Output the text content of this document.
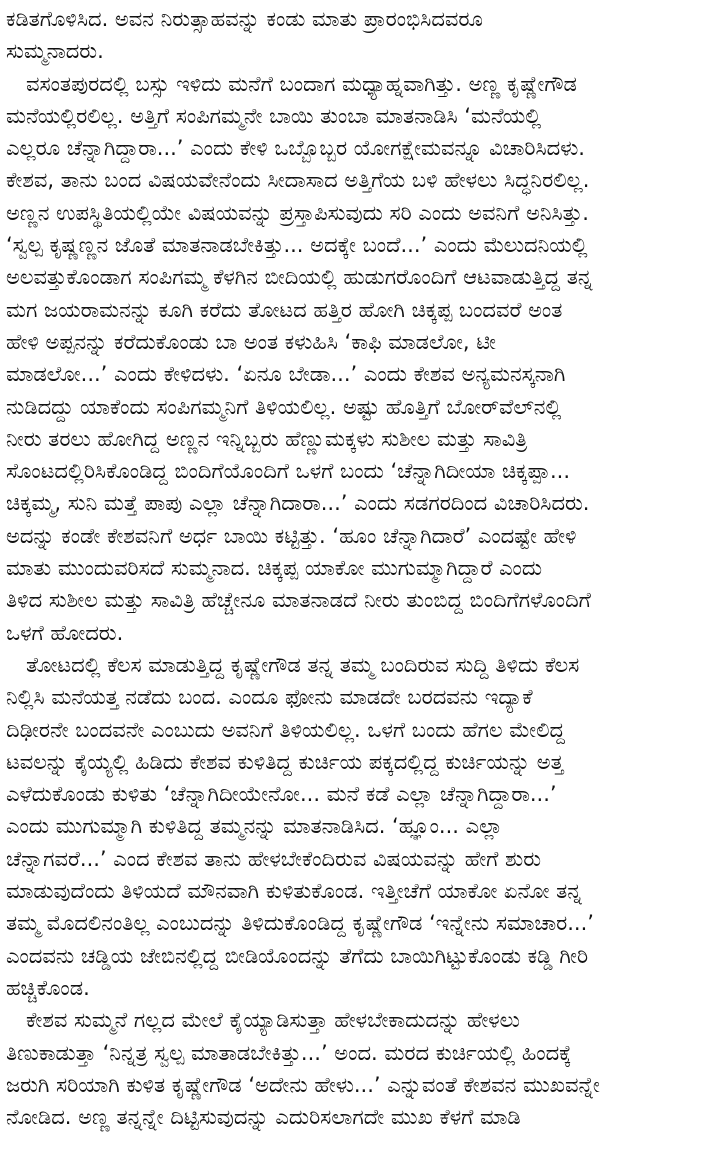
ಕಡಿತಗೊಳಿಸಿದ. ಅವನ ನಿರುತ್ಸಾಹವನ್ನು ಕಂಡು ಮಾತು ಪ್ರಾರಂಭಿಸಿದವರೂ
ಸುಮ್ಮನಾದರು.
ವಸಂತಪುರದಲ್ಲಿ ಬಸ್ಸು ಇಳಿದು ಮನೆಗೆ ಬಂದಾಗ ಮಧ್ಯಾಹ್ನವಾಗಿತ್ತು. ಅಣ್ಣ ಕೃಷ್ಣೇಗೌಡ
ಮನೆಯಲ್ಲಿರಲಿಲ್ಲ. ಅತ್ತಿಗೆ ಸಂಪಿಗಮ್ಮನೇ ಬಾಯಿ ತುಂಬಾ ಮಾತನಾಡಿಸಿ ‘ಮನೆಯಲ್ಲಿ
ಎಲ್ಲರೂ ಚೆನ್ನಾಗಿದ್ದಾರಾ...’ ಎಂದು ಕೇಳಿ ಒಬ್ಬೊಬ್ಬರ ಯೋಗಕ್ಷೇಮವನ್ನೂ ವಿಚಾರಿಸಿದಳು.
ಕೇಶವ, ತಾನು ಬಂದ ವಿಷಯವೇನೆಂದು ಸೀದಾಸಾದ ಅತ್ತಿಗೆಯ ಬಳಿ ಹೇಳಲು ಸಿದ್ಧನಿರಲಿಲ್ಲ.
ಅಣ್ಣನ ಉಪಸ್ಥಿತಿಯಲ್ಲಿಯೇ ವಿಷಯವನ್ನು ಪ್ರಸ್ತಾಪಿಸುವುದು ಸರಿ ಎಂದು ಅವನಿಗೆ ಅನಿಸಿತ್ತು.
‘ಸ್ವಲ್ಪ ಕೃಷ್ಣಣ್ಣನ ಜೊತೆ ಮಾತನಾಡಬೇಕಿತ್ತು... ಅದಕ್ಕೇ ಬಂದೆ...’ ಎಂದು ಮೆಲುದನಿಯಲ್ಲಿ
ಅಲವತ್ತುಕೊಂಡಾಗ ಸಂಪಿಗಮ್ಮ ಕೆಳಗಿನ ಬೀದಿಯಲ್ಲಿ ಹುಡುಗರೊಂದಿಗೆ ಆಟವಾಡುತ್ತಿದ್ದ ತನ್ನ
ಮಗ ಜಯರಾಮನನ್ನು ಕೂಗಿ ಕರೆದು ತೋಟದ ಹತ್ತಿರ ಹೋಗಿ ಚಿಕ್ಕಪ್ಪ ಬಂದವರೆ ಅಂತ
ಹೇಳಿ ಅಪ್ಪನನ್ನು ಕರೆದುಕೊಂಡು ಬಾ ಅಂತ ಕಳುಹಿಸಿ ‘ಕಾಫಿ ಮಾಡಲೋ, ಟೀ
ಮಾಡಲೋ...’ ಎಂದು ಕೇಳಿದಳು. ‘ಏನೂ ಬೇಡಾ...’ ಎಂದು ಕೇಶವ ಅನ್ಯಮನಸ್ಕನಾಗಿ
ನುಡಿದದ್ದು ಯಾಕೆಂದು ಸಂಪಿಗಮ್ಮನಿಗೆ ತಿಳಿಯಲಿಲ್ಲ. ಅಷ್ಟು ಹೊತ್ತಿಗೆ ಬೋರ್‌ವೆಲ್‌ನಲ್ಲಿ
ನೀರು ತರಲು ಹೋಗಿದ್ದ ಅಣ್ಣನ ಇನ್ನಿಬ್ಬರು ಹೆಣ್ಣುಮಕ್ಕಳು ಸುಶೀಲ ಮತ್ತು ಸಾವಿತ್ರಿ
ಸೊಂಟದಲ್ಲಿರಿಸಿಕೊಂಡಿದ್ದ ಬಿಂದಿಗೆಯೊಂದಿಗೆ ಒಳಗೆ ಬಂದು ‘ಚೆನ್ನಾಗಿದೀಯಾ ಚಿಕ್ಕಪ್ಪಾ...
ಚಿಕ್ಕಮ್ಮ, ಸುನಿ ಮತ್ತೆ ಪಾಪು ಎಲ್ಲಾ ಚೆನ್ನಾಗಿದಾರಾ...’ ಎಂದು ಸಡಗರದಿಂದ ವಿಚಾರಿಸಿದರು.
ಅದನ್ನು ಕಂಡೇ ಕೇಶವನಿಗೆ ಅರ್ಧ ಬಾಯಿ ಕಟ್ಟಿತ್ತು. ‘ಹೂಂ ಚೆನ್ನಾಗಿದಾರೆ’ ಎಂದಷ್ಟೇ ಹೇಳಿ
ಮಾತು ಮುಂದುವರಿಸದೆ ಸುಮ್ಮನಾದ. ಚಿಕ್ಕಪ್ಪ ಯಾಕೋ ಮುಗುಮ್ಮಾಗಿದ್ದಾರೆ ಎಂದು
ತಿಳಿದ ಸುಶೀಲ ಮತ್ತು ಸಾವಿತ್ರಿ ಹೆಚ್ಚೇನೂ ಮಾತನಾಡದೆ ನೀರು ತುಂಬಿದ್ದ ಬಿಂದಿಗೆಗಳೊಂದಿಗೆ
ಒಳಗೆ ಹೋದರು.
ತೋಟದಲ್ಲಿ ಕೆಲಸ ಮಾಡುತ್ತಿದ್ದ ಕೃಷ್ಣೇಗೌಡ ತನ್ನ ತಮ್ಮ ಬಂದಿರುವ ಸುದ್ದಿ ತಿಳಿದು ಕೆಲಸ
ನಿಲ್ಲಿಸಿ ಮನೆಯತ್ತ ನಡೆದು ಬಂದ. ಎಂದೂ ಫೋನು ಮಾಡದೇ ಬರದವನು ಇದ್ಯಾಕೆ
ದಿಢೀರನೇ ಬಂದವನೇ ಎಂಬುದು ಅವನಿಗೆ ತಿಳಿಯಲಿಲ್ಲ. ಒಳಗೆ ಬಂದು ಹೆಗಲ ಮೇಲಿದ್ದ
ಟವಲನ್ನು ಕೈಯ್ಯಲ್ಲಿ ಹಿಡಿದು ಕೇಶವ ಕುಳಿತಿದ್ದ ಕುರ್ಚಿಯ ಪಕ್ಕದಲ್ಲಿದ್ದ ಕುರ್ಚಿಯನ್ನು ಅತ್ತ
ಎಳೆದುಕೊಂಡು ಕುಳಿತು ‘ಚೆನ್ನಾಗಿದೀಯೇನೋ... ಮನೆ ಕಡೆ ಎಲ್ಲಾ ಚೆನ್ನಾಗಿದ್ದಾರಾ...’
ಎಂದು ಮುಗುಮ್ಮಾಗಿ ಕುಳಿತಿದ್ದ ತಮ್ಮನನ್ನು ಮಾತನಾಡಿಸಿದ. ‘ಹ್ಞೂಂ... ಎಲ್ಲಾ
ಚೆನ್ನಾಗವರೆ...’ ಎಂದ ಕೇಶವ ತಾನು ಹೇಳಬೇಕೆಂದಿರುವ ವಿಷಯವನ್ನು ಹೇಗೆ ಶುರು
ಮಾಡುವುದೆಂದು ತಿಳಿಯದೆ ಮೌನವಾಗಿ ಕುಳಿತುಕೊಂಡ. ಇತ್ತೀಚೆಗೆ ಯಾಕೋ ಏನೋ ತನ್ನ
ತಮ್ಮ ಮೊದಲಿನಂತಿಲ್ಲ ಎಂಬುದನ್ನು ತಿಳಿದುಕೊಂಡಿದ್ದ ಕೃಷ್ಣೇಗೌಡ ‘ಇನ್ನೇನು ಸಮಾಚಾರ...’
ಎಂದವನು ಚಡ್ಡಿಯ ಜೇಬಿನಲ್ಲಿದ್ದ ಬೀಡಿಯೊಂದನ್ನು ತೆಗೆದು ಬಾಯಿಗಿಟ್ಟುಕೊಂಡು ಕಡ್ಡಿ ಗೀರಿ
ಹಚ್ಚಿಕೊಂಡ.
ಕೇಶವ ಸುಮ್ಮನೆ ಗಲ್ಲದ ಮೇಲೆ ಕೈಯ್ಯಾಡಿಸುತ್ತಾ ಹೇಳಬೇಕಾದುದನ್ನು ಹೇಳಲು
ತಿಣುಕಾಡುತ್ತಾ ‘ನಿನ್ನತ್ರ ಸ್ವಲ್ಪ ಮಾತಾಡಬೇಕಿತ್ತು...’ ಅಂದ. ಮರದ ಕುರ್ಚಿಯಲ್ಲಿ ಹಿಂದಕ್ಕೆ
ಜರುಗಿ ಸರಿಯಾಗಿ ಕುಳಿತ ಕೃಷ್ಣೇಗೌಡ ‘ಅದೇನು ಹೇಳು...’ ಎನ್ನುವಂತೆ ಕೇಶವನ ಮುಖವನ್ನೇ
ನೋಡಿದ. ಅಣ್ಣ ತನ್ನನ್ನೇ ದಿಟ್ಟಿಸುವುದನ್ನು ಎದುರಿಸಲಾಗದೇ ಮುಖ ಕೆಳಗೆ ಮಾಡಿ
